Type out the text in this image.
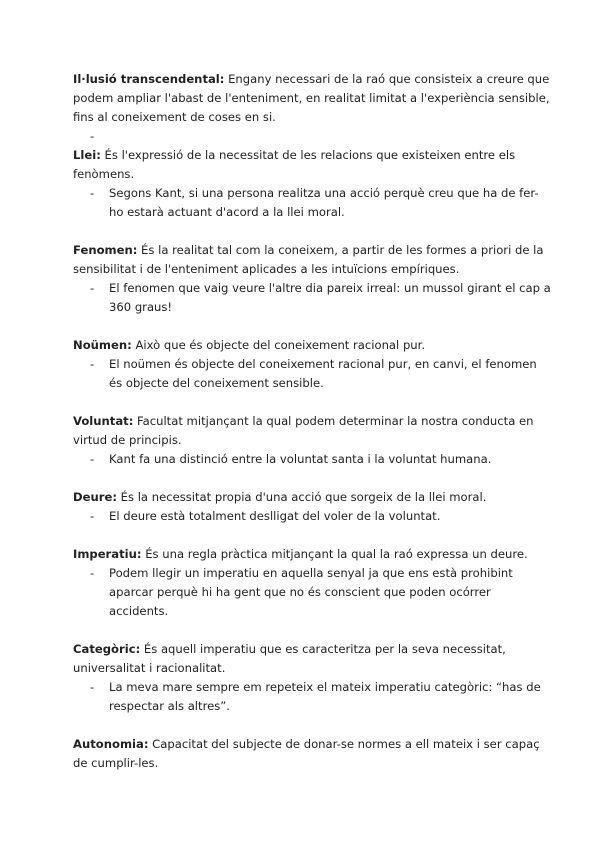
Il·lusió transcendental: Engany necessari de la raó que consisteix a creure que podem ampliar l'abast de l'enteniment, en realitat limitat a l'experiència sensible, fins al coneixement de coses en si.

-

Llei: És l'expressió de la necessitat de les relacions que existeixen entre els fenòmens.

- Segons Kant, si una persona realitza una acció perquè creu que ha de fer-ho estarà actuant d'acord a la llei moral.

Fenomen: És la realitat tal com la coneixem, a partir de les formes a priori de la sensibilitat i de l'enteniment aplicades a les intuïcions empíriques.

- El fenomen que vaig veure l'altre dia pareix irreal: un mussol girant el cap a 360 graus!

Noümen: Això que és objecte del coneixement racional pur.

- El noümen és objecte del coneixement racional pur, en canvi, el fenomen és objecte del coneixement sensible.

Voluntat: Facultat mitjançant la qual podem determinar la nostra conducta en virtud de principis.

- Kant fa una distinció entre la voluntat santa i la voluntat humana.

Deure: És la necessitat propia d'una acció que sorgeix de la llei moral.

- El deure està totalment deslligat del voler de la voluntat.

Imperatiu: És una regla pràctica mitjançant la qual la raó expressa un deure.

- Podem llegir un imperatiu en aquella senyal ja que ens està prohibint aparcar perquè hi ha gent que no és conscient que poden ocórrer accidents.

Categòric: És aquell imperatiu que es caracteritza per la seva necessitat, universalitat i racionalitat.

- La meva mare sempre em repeteix el mateix imperatiu categòric: “has de respectar als altres”.

Autonomia: Capacitat del subjecte de donar-se normes a ell mateix i ser capaç de cumplir-les.
